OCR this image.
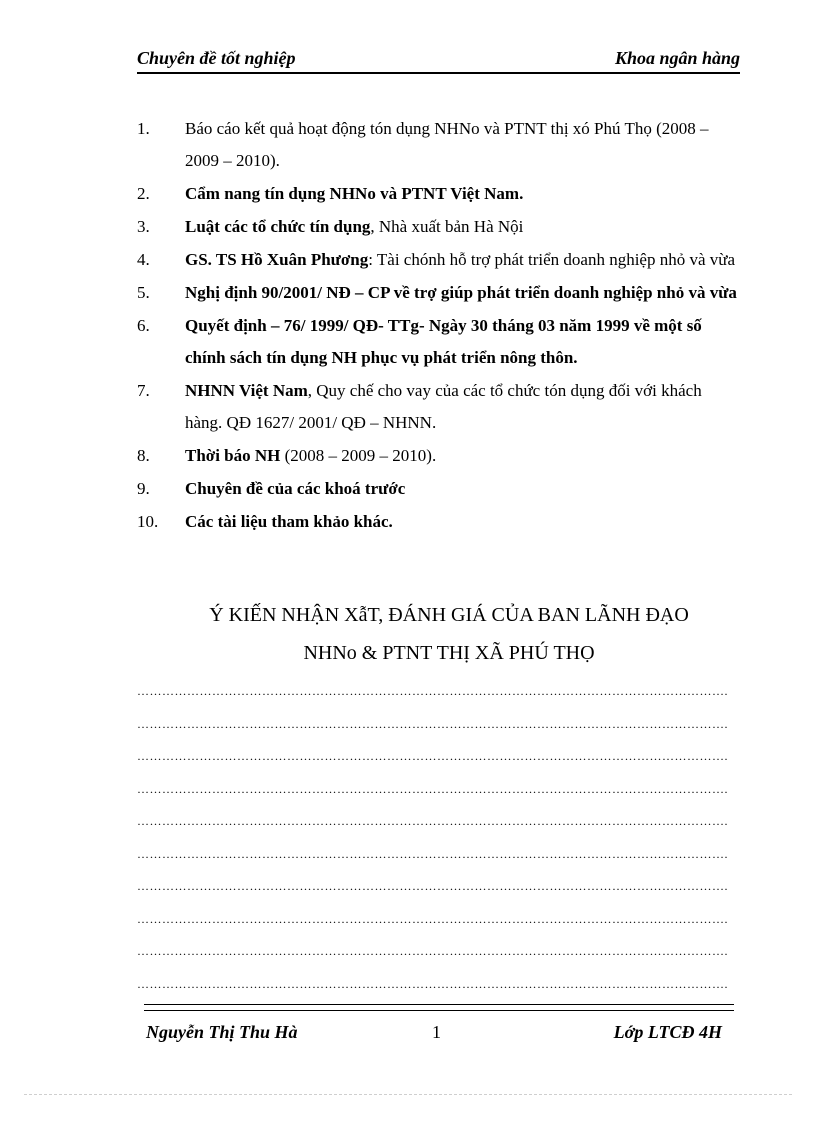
Chuyên đề tốt nghiệp	Khoa ngân hàng
1.	Báo cáo kết quả hoạt động tón dụng NHNo và PTNT thị xó Phú Thọ (2008 – 2009 – 2010).
2.	Cẩm nang tín dụng NHNo và PTNT Việt Nam.
3.	Luật các tổ chức tín dụng, Nhà xuất bản Hà Nội
4.	GS. TS Hồ Xuân Phương: Tài chónh hỗ trợ phát triển doanh nghiệp nhỏ và vừa
5.	Nghị định 90/2001/ NĐ – CP về trợ giúp phát triển doanh nghiệp nhỏ và vừa
6.	Quyết định – 76/ 1999/ QĐ- TTg- Ngày 30 tháng 03 năm 1999 về một số chính sách tín dụng NH phục vụ phát triển nông thôn.
7.	NHNN Việt Nam, Quy chế cho vay của các tổ chức tón dụng đối với khách hàng. QĐ 1627/ 2001/ QĐ – NHNN.
8.	Thời báo NH (2008 – 2009 – 2010).
9.	Chuyên đề của các khoá trước
10.	Các tài liệu tham khảo khác.
Ý KIẾN NHẬN XẫT, ĐÁNH GIÁ CỦA BAN LÃNH ĐẠO
NHNo & PTNT THỊ XÃ PHÚ THỌ
…………………………………………………………………………………………………………………………….
…………………………………………………………………………………………………………………………….
…………………………………………………………………………………………………………………………….
…………………………………………………………………………………………………………………………….
…………………………………………………………………………………………………………………………….
…………………………………………………………………………………………………………………………….
…………………………………………………………………………………………………………………………….
…………………………………………………………………………………………………………………………….
…………………………………………………………………………………………………………………………….
…………………………………………………………………………………………………………………………….
Nguyễn Thị Thu Hà	1	Lớp LTCĐ 4H
